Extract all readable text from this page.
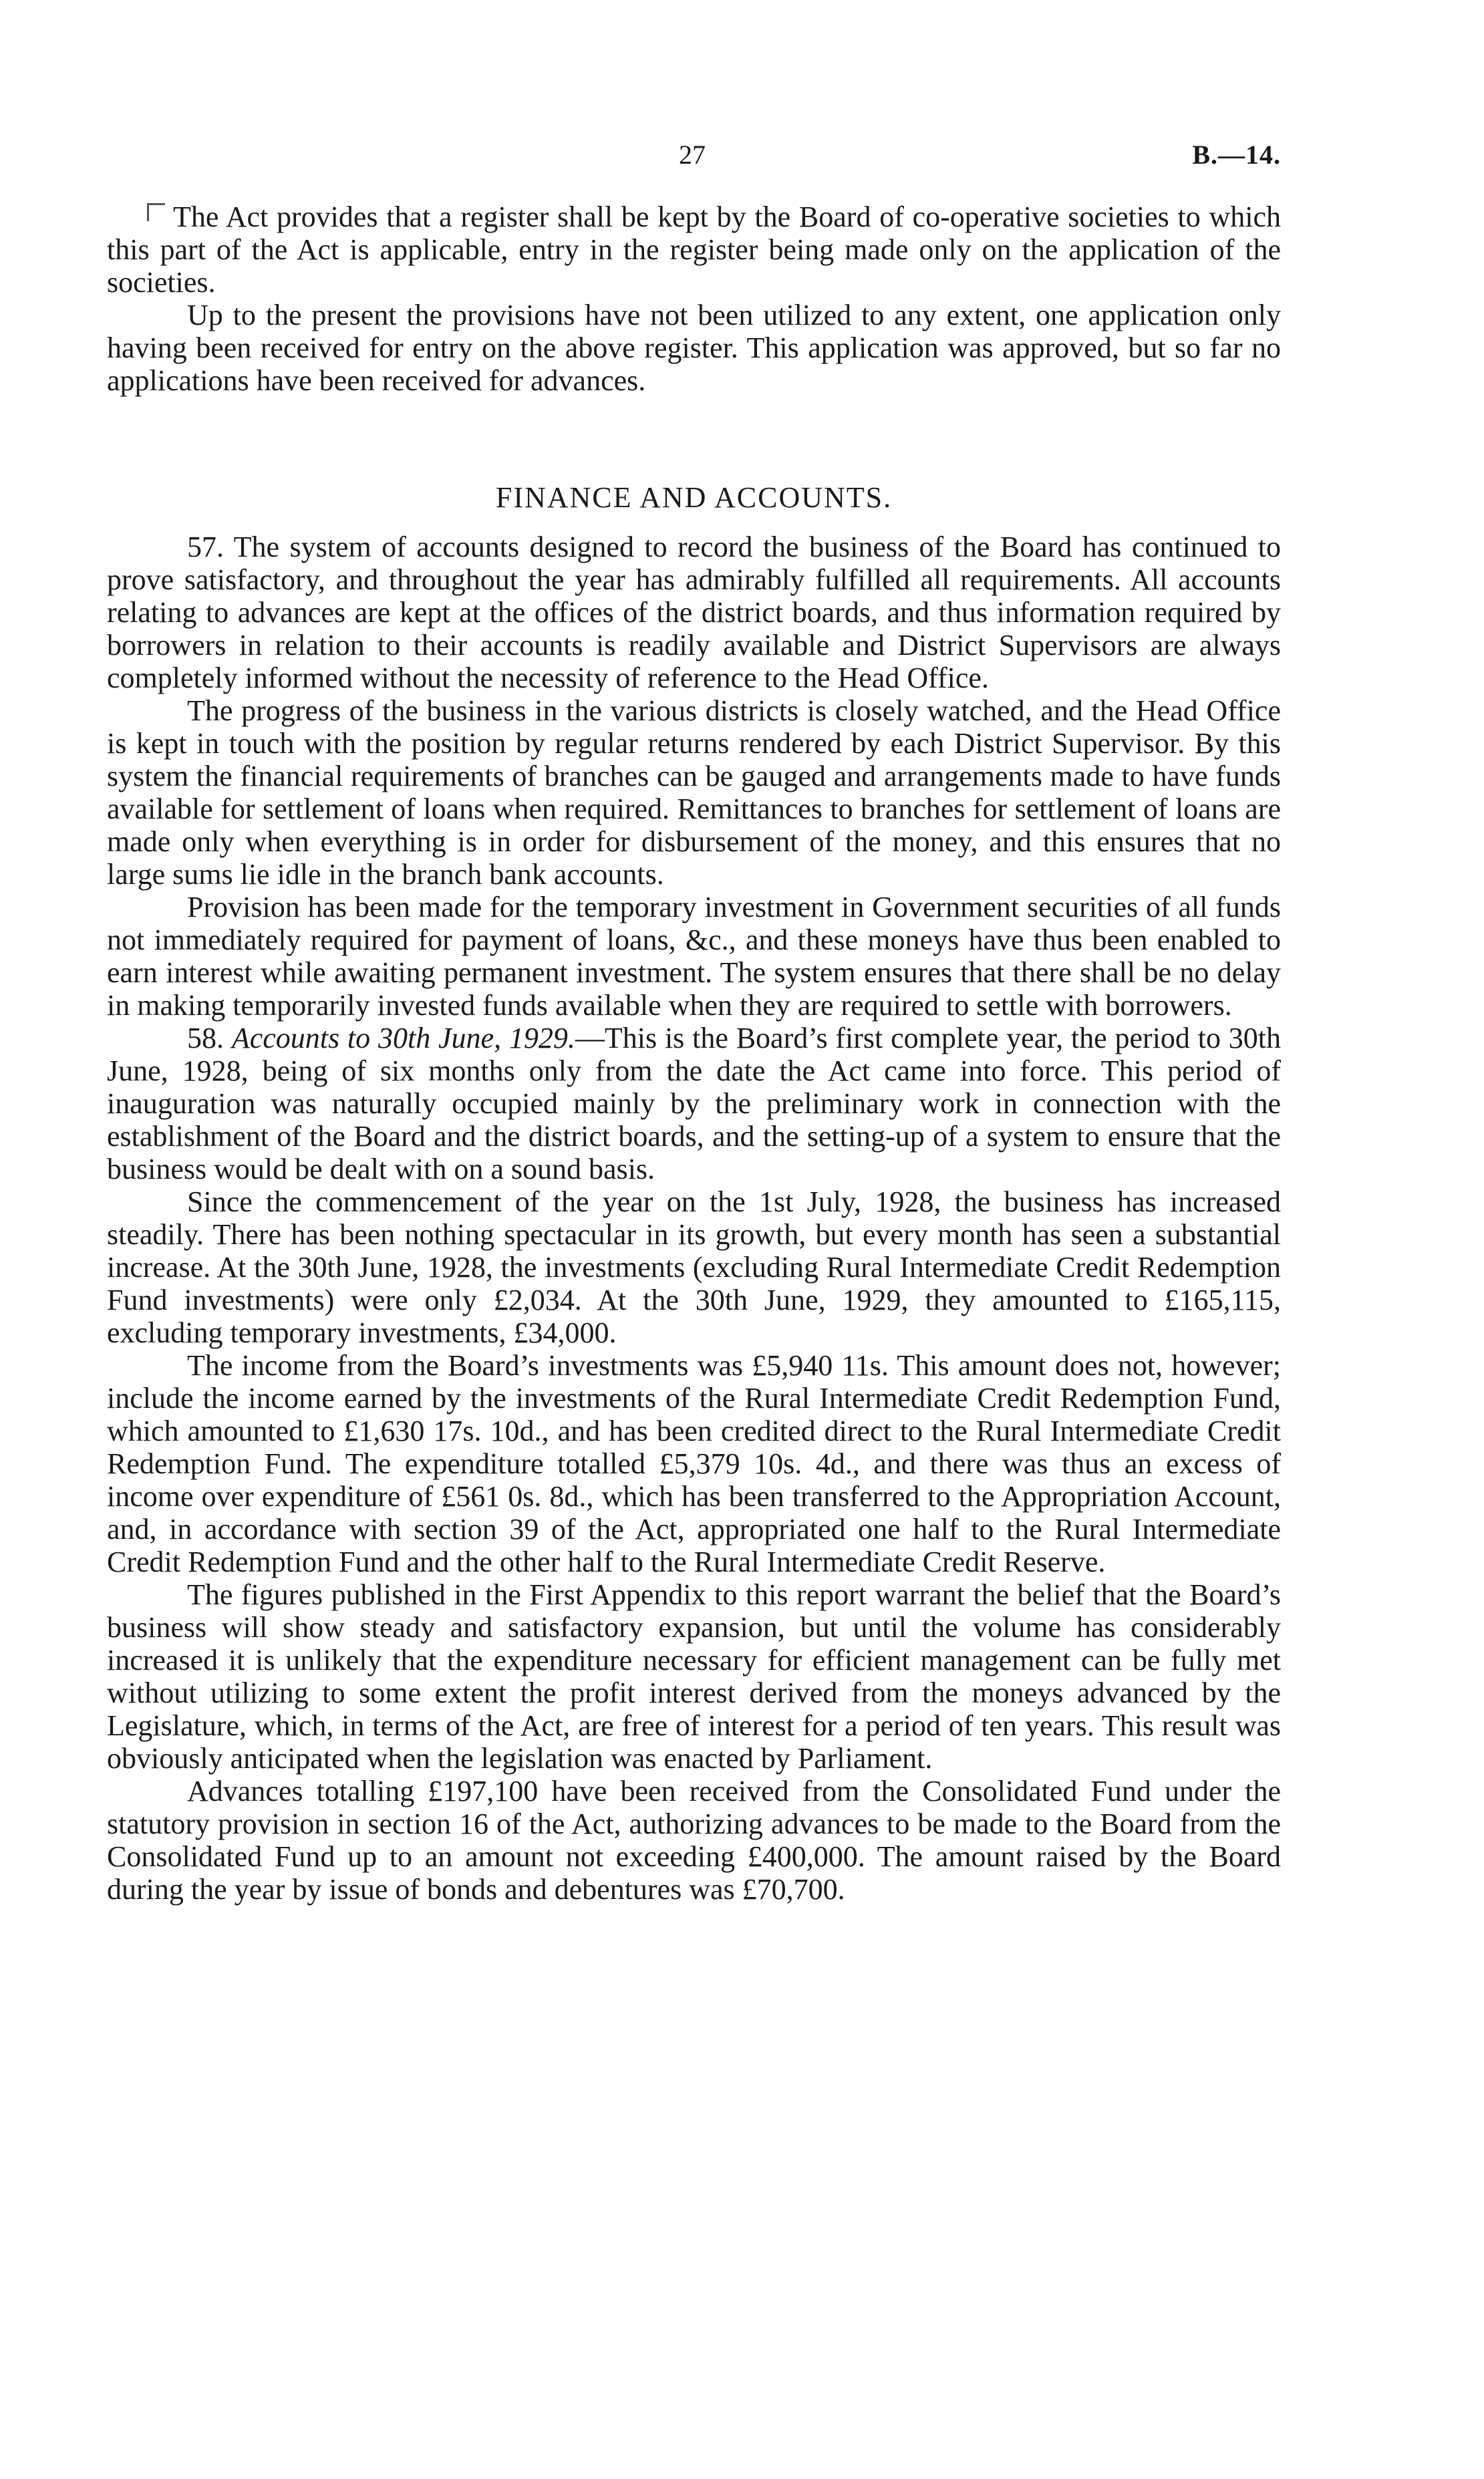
27	B.—14.

The Act provides that a register shall be kept by the Board of co-operative societies to which this part of the Act is applicable, entry in the register being made only on the application of the societies.

Up to the present the provisions have not been utilized to any extent, one application only having been received for entry on the above register. This application was approved, but so far no applications have been received for advances.

FINANCE AND ACCOUNTS.

57. The system of accounts designed to record the business of the Board has continued to prove satisfactory, and throughout the year has admirably fulfilled all requirements. All accounts relating to advances are kept at the offices of the district boards, and thus information required by borrowers in relation to their accounts is readily available and District Supervisors are always completely informed without the necessity of reference to the Head Office.

The progress of the business in the various districts is closely watched, and the Head Office is kept in touch with the position by regular returns rendered by each District Supervisor. By this system the financial requirements of branches can be gauged and arrangements made to have funds available for settlement of loans when required. Remittances to branches for settlement of loans are made only when everything is in order for disbursement of the money, and this ensures that no large sums lie idle in the branch bank accounts.

Provision has been made for the temporary investment in Government securities of all funds not immediately required for payment of loans, &c., and these moneys have thus been enabled to earn interest while awaiting permanent investment. The system ensures that there shall be no delay in making temporarily invested funds available when they are required to settle with borrowers.

58. Accounts to 30th June, 1929.—This is the Board’s first complete year, the period to 30th June, 1928, being of six months only from the date the Act came into force. This period of inauguration was naturally occupied mainly by the preliminary work in connection with the establishment of the Board and the district boards, and the setting-up of a system to ensure that the business would be dealt with on a sound basis.

Since the commencement of the year on the 1st July, 1928, the business has increased steadily. There has been nothing spectacular in its growth, but every month has seen a substantial increase. At the 30th June, 1928, the investments (excluding Rural Intermediate Credit Redemption Fund investments) were only £2,034. At the 30th June, 1929, they amounted to £165,115, excluding temporary investments, £34,000.

The income from the Board’s investments was £5,940 11s. This amount does not, however; include the income earned by the investments of the Rural Intermediate Credit Redemption Fund, which amounted to £1,630 17s. 10d., and has been credited direct to the Rural Intermediate Credit Redemption Fund. The expenditure totalled £5,379 10s. 4d., and there was thus an excess of income over expenditure of £561 0s. 8d., which has been transferred to the Appropriation Account, and, in accordance with section 39 of the Act, appropriated one half to the Rural Intermediate Credit Redemption Fund and the other half to the Rural Intermediate Credit Reserve.

The figures published in the First Appendix to this report warrant the belief that the Board’s business will show steady and satisfactory expansion, but until the volume has considerably increased it is unlikely that the expenditure necessary for efficient management can be fully met without utilizing to some extent the profit interest derived from the moneys advanced by the Legislature, which, in terms of the Act, are free of interest for a period of ten years. This result was obviously anticipated when the legislation was enacted by Parliament.

Advances totalling £197,100 have been received from the Consolidated Fund under the statutory provision in section 16 of the Act, authorizing advances to be made to the Board from the Consolidated Fund up to an amount not exceeding £400,000. The amount raised by the Board during the year by issue of bonds and debentures was £70,700.
